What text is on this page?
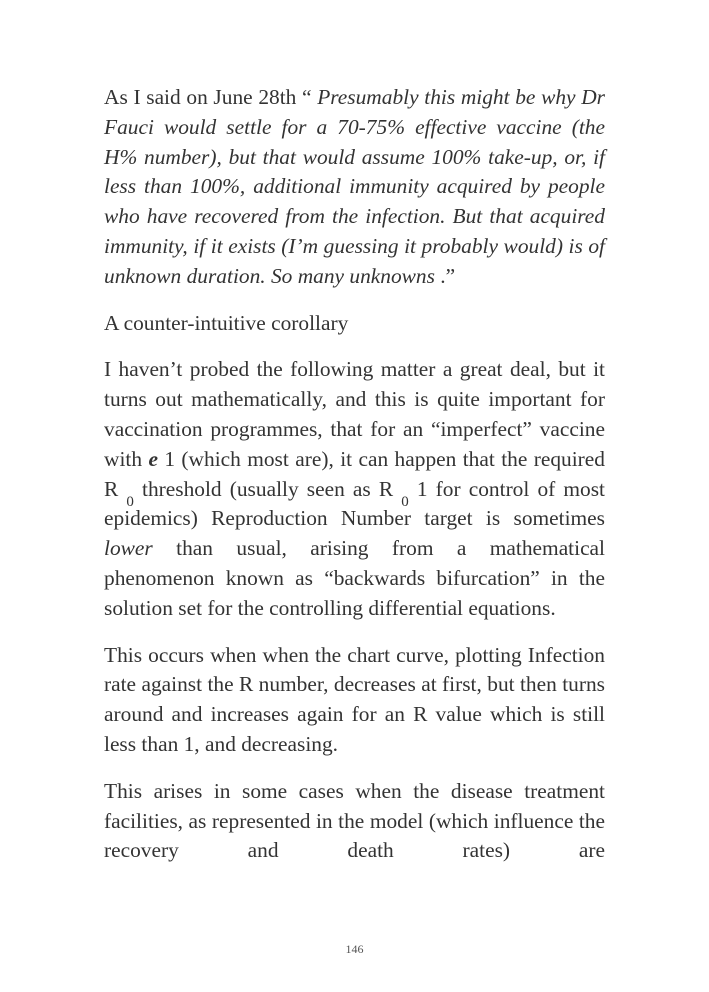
As I said on June 28th “ Presumably this might be why Dr Fauci would settle for a 70-75% effective vaccine (the H% number), but that would assume 100% take-up, or, if less than 100%, additional immunity acquired by people who have recovered from the infection. But that acquired immunity, if it exists (I’m guessing it probably would) is of unknown duration. So many unknowns .”

A counter-intuitive corollary

I haven’t probed the following matter a great deal, but it turns out mathematically, and this is quite important for vaccination programmes, that for an “imperfect” vaccine with e 1 (which most are), it can happen that the required R $_0$ threshold (usually seen as R $_0$ 1 for control of most epidemics) Reproduction Number target is sometimes lower than usual, arising from a mathematical phenomenon known as “backwards bifurcation” in the solution set for the controlling differential equations.

This occurs when when the chart curve, plotting Infection rate against the R number, decreases at first, but then turns around and increases again for an R value which is still less than 1, and decreasing.

This arises in some cases when the disease treatment facilities, as represented in the model (which influence the recovery and death rates) are

146
